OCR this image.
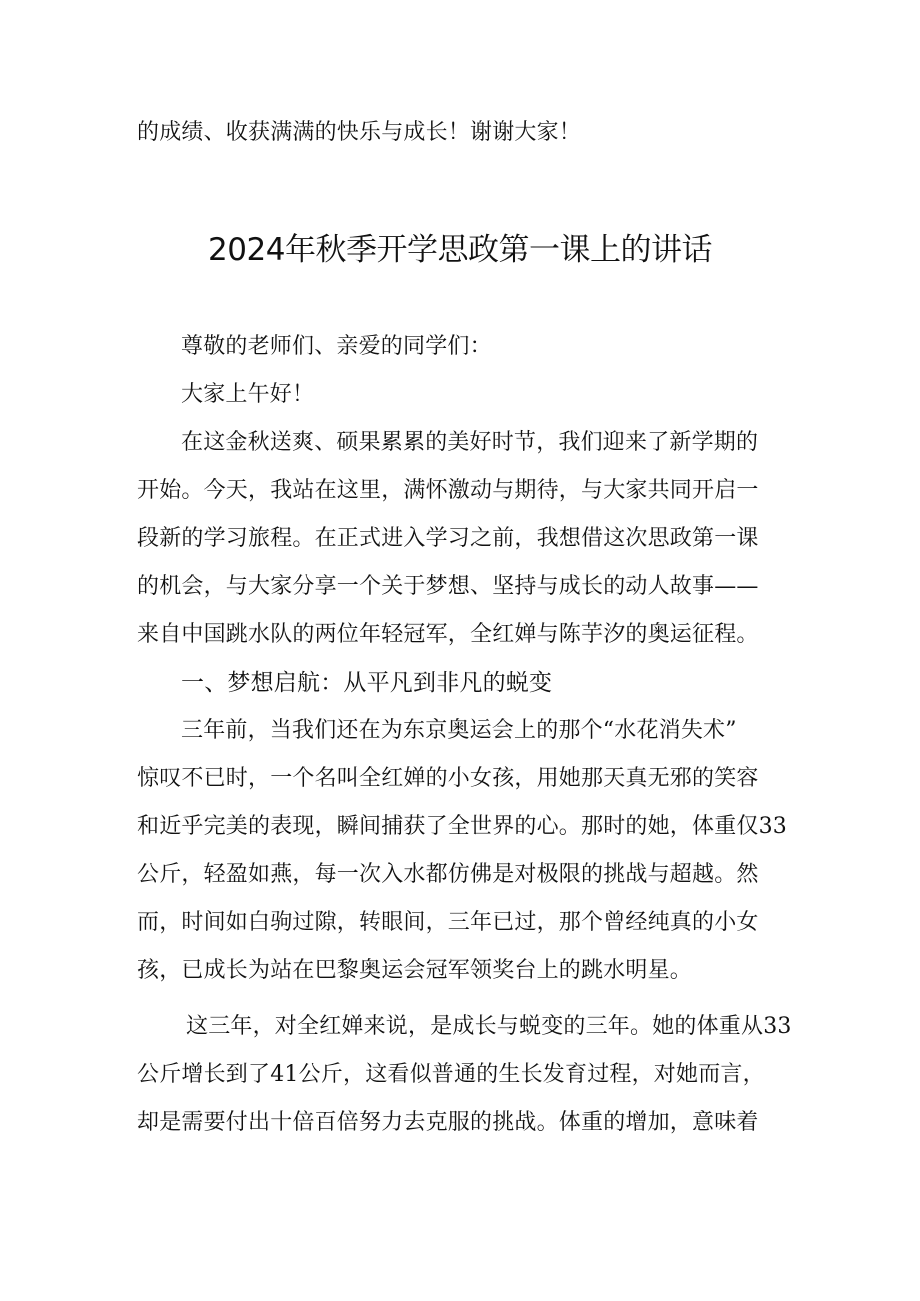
的成绩、收获满满的快乐与成长！谢谢大家！
2024年秋季开学思政第一课上的讲话
尊敬的老师们、亲爱的同学们：
大家上午好！
在这金秋送爽、硕果累累的美好时节，我们迎来了新学期的
开始。今天，我站在这里，满怀激动与期待，与大家共同开启一
段新的学习旅程。在正式进入学习之前，我想借这次思政第一课
的机会，与大家分享一个关于梦想、坚持与成长的动人故事——
来自中国跳水队的两位年轻冠军，全红婵与陈芋汐的奥运征程。
一、梦想启航：从平凡到非凡的蜕变
三年前，当我们还在为东京奥运会上的那个“水花消失术”
惊叹不已时，一个名叫全红婵的小女孩，用她那天真无邪的笑容
和近乎完美的表现，瞬间捕获了全世界的心。那时的她，体重仅33
公斤，轻盈如燕，每一次入水都仿佛是对极限的挑战与超越。然
而，时间如白驹过隙，转眼间，三年已过，那个曾经纯真的小女
孩，已成长为站在巴黎奥运会冠军领奖台上的跳水明星。
这三年，对全红婵来说，是成长与蜕变的三年。她的体重从33
公斤增长到了41公斤，这看似普通的生长发育过程，对她而言，
却是需要付出十倍百倍努力去克服的挑战。体重的增加，意味着
